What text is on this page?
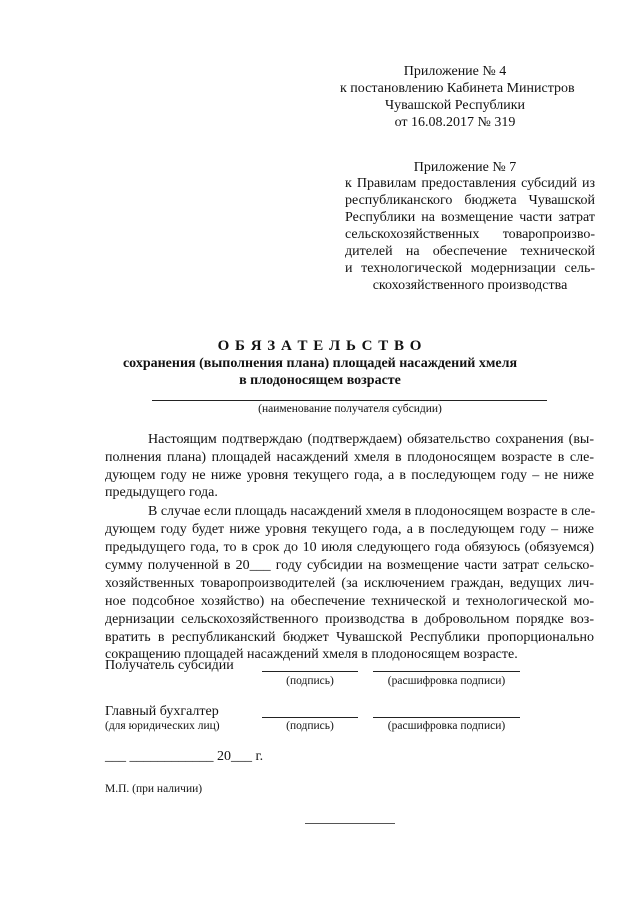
Приложение № 4
к постановлению Кабинета Министров
Чувашской Республики
от 16.08.2017 № 319
Приложение № 7
к Правилам предоставления субсидий из
республиканского бюджета Чувашской
Республики на возмещение части затрат
сельскохозяйственных товаропроизво-
дителей на обеспечение технической
и технологической модернизации сель-
скохозяйственного производства
О Б Я З А Т Е Л Ь С Т В О
сохранения (выполнения плана) площадей насаждений хмеля
в плодоносящем возрасте
(наименование получателя субсидии)
Настоящим подтверждаю (подтверждаем) обязательство сохранения (вы-
полнения плана) площадей насаждений хмеля в плодоносящем возрасте в сле-
дующем году не ниже уровня текущего года, а в последующем году – не ниже
предыдущего года.
В случае если площадь насаждений хмеля в плодоносящем возрасте в сле-
дующем году будет ниже уровня текущего года, а в последующем году – ниже
предыдущего года, то в срок до 10 июля следующего года обязуюсь (обязуемся)
сумму полученной в 20___ году субсидии на возмещение части затрат сельско-
хозяйственных товаропроизводителей (за исключением граждан, ведущих лич-
ное подсобное хозяйство) на обеспечение технической и технологической мо-
дернизации сельскохозяйственного производства в добровольном порядке воз-
вратить в республиканский бюджет Чувашской Республики пропорционально
сокращению площадей насаждений хмеля в плодоносящем возрасте.
Получатель субсидии
(подпись)	(расшифровка подписи)
Главный бухгалтер
(для юридических лиц)	(подпись)	(расшифровка подписи)
___ ____________ 20___ г.
М.П. (при наличии)
